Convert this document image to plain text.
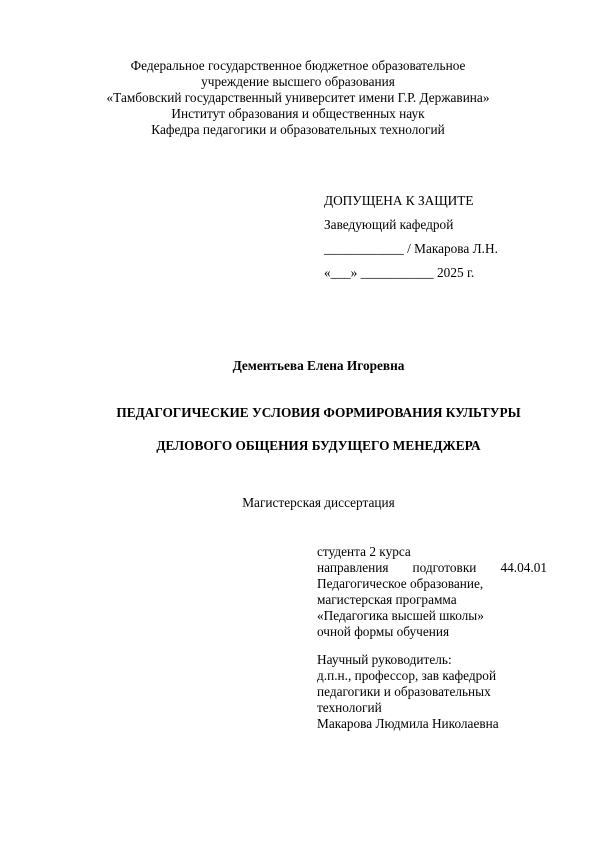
Федеральное государственное бюджетное образовательное
учреждение высшего образования
«Тамбовский государственный университет имени Г.Р. Державина»
Институт образования и общественных наук
Кафедра педагогики и образовательных технологий
ДОПУЩЕНА К ЗАЩИТЕ
Заведующий кафедрой
____________ / Макарова Л.Н.
«___» ___________ 2025 г.
Дементьева Елена Игоревна
ПЕДАГОГИЧЕСКИЕ УСЛОВИЯ ФОРМИРОВАНИЯ КУЛЬТУРЫ
ДЕЛОВОГО ОБЩЕНИЯ БУДУЩЕГО МЕНЕДЖЕРА
Магистерская диссертация
студента 2 курса
направления подготовки 44.04.01
Педагогическое образование,
магистерская программа
«Педагогика высшей школы»
очной формы обучения
Научный руководитель:
д.п.н., профессор, зав кафедрой
педагогики и образовательных
технологий
Макарова Людмила Николаевна
